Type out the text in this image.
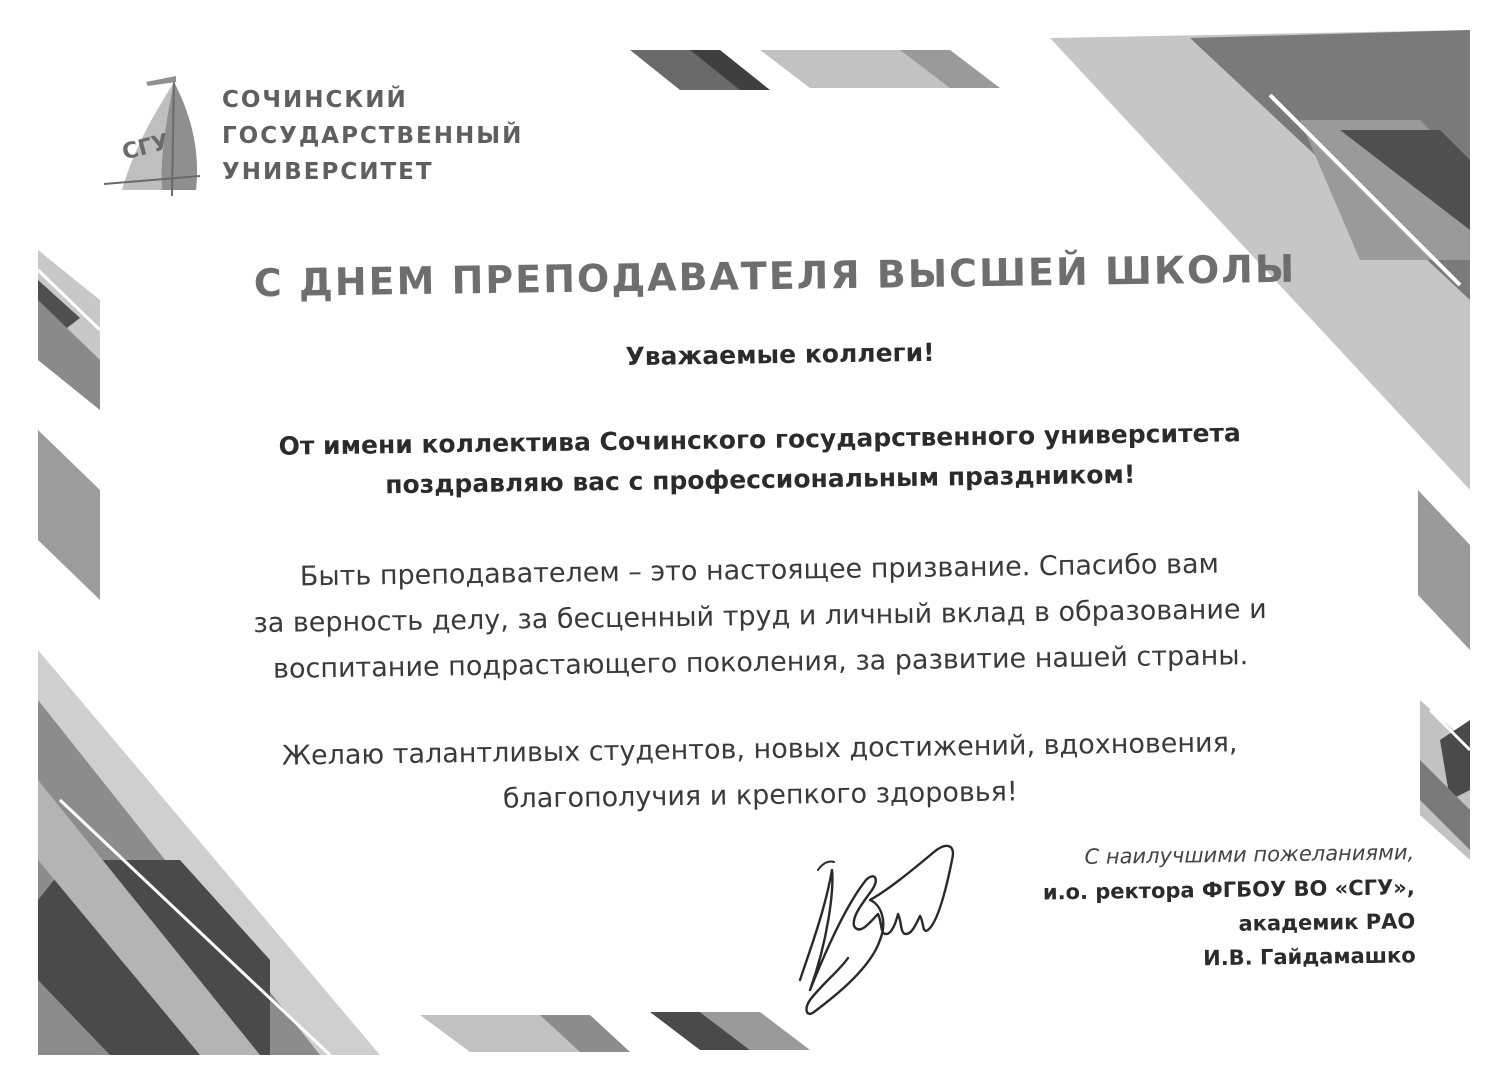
СГУ
СОЧИНСКИЙ
ГОСУДАРСТВЕННЫЙ
УНИВЕРСИТЕТ
С ДНЕМ ПРЕПОДАВАТЕЛЯ ВЫСШЕЙ ШКОЛЫ

Уважаемые коллеги!

От имени коллектива Сочинского государственного университета
поздравляю вас с профессиональным праздником!

Быть преподавателем – это настоящее призвание. Спасибо вам
за верность делу, за бесценный труд и личный вклад в образование и
воспитание подрастающего поколения, за развитие нашей страны.

Желаю талантливых студентов, новых достижений, вдохновения,
благополучия и крепкого здоровья!

С наилучшими пожеланиями,
и.о. ректора ФГБОУ ВО «СГУ»,
академик РАО
И.В. Гайдамашко
